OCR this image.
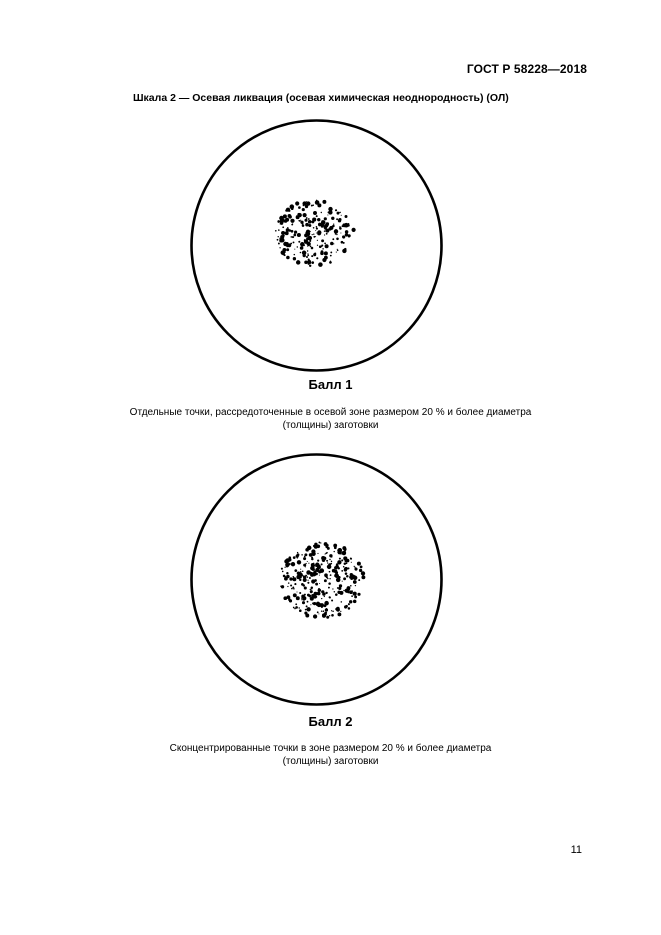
ГОСТ Р 58228—2018
Шкала 2 — Осевая ликвация (осевая химическая неоднородность) (ОЛ)
Балл 1
Отдельные точки, рассредоточенные в осевой зоне размером 20 % и более диаметра
(толщины) заготовки
Балл 2
Сконцентрированные точки в зоне размером 20 % и более диаметра
(толщины) заготовки
11
